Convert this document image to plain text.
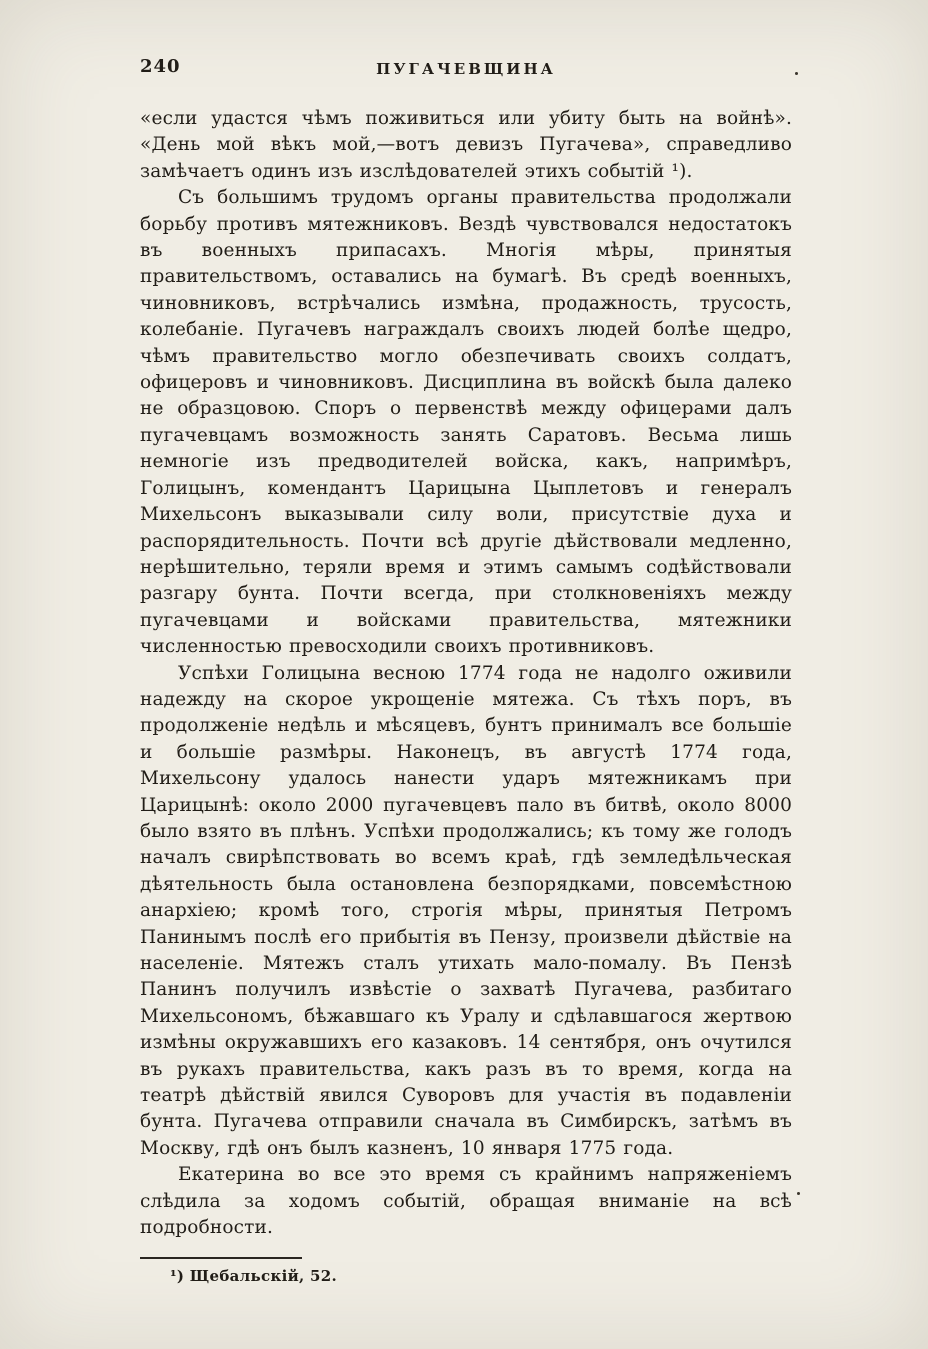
240	ПУГАЧЕВЩИНА

«если удастся чѣмъ поживиться или убиту быть на войнѣ». «День мой вѣкъ мой,—вотъ девизъ Пугачева», справедливо замѣчаетъ одинъ изъ изслѣдователей этихъ событій ¹).

Съ большимъ трудомъ органы правительства продолжали борьбу противъ мятежниковъ. Вездѣ чувствовался недостатокъ въ военныхъ припасахъ. Многія мѣры, принятыя правительствомъ, оставались на бумагѣ. Въ средѣ военныхъ, чиновниковъ, встрѣчались измѣна, продажность, трусость, колебаніе. Пугачевъ награждалъ своихъ людей болѣе щедро, чѣмъ правительство могло обезпечивать своихъ солдатъ, офицеровъ и чиновниковъ. Дисциплина въ войскѣ была далеко не образцовою. Споръ о первенствѣ между офицерами далъ пугачевцамъ возможность занять Саратовъ. Весьма лишь немногіе изъ предводителей войска, какъ, напримѣръ, Голицынъ, комендантъ Царицына Цыплетовъ и генералъ Михельсонъ выказывали силу воли, присутствіе духа и распорядительность. Почти всѣ другіе дѣйствовали медленно, нерѣшительно, теряли время и этимъ самымъ содѣйствовали разгару бунта. Почти всегда, при столкновеніяхъ между пугачевцами и войсками правительства, мятежники численностью превосходили своихъ противниковъ.

Успѣхи Голицына весною 1774 года не надолго оживили надежду на скорое укрощеніе мятежа. Съ тѣхъ поръ, въ продолженіе недѣль и мѣсяцевъ, бунтъ принималъ все большіе и большіе размѣры. Наконецъ, въ августѣ 1774 года, Михельсону удалось нанести ударъ мятежникамъ при Царицынѣ: около 2000 пугачевцевъ пало въ битвѣ, около 8000 было взято въ плѣнъ. Успѣхи продолжались; къ тому же голодъ началъ свирѣпствовать во всемъ краѣ, гдѣ земледѣльческая дѣятельность была остановлена безпорядками, повсемѣстною анархіею; кромѣ того, строгія мѣры, принятыя Петромъ Панинымъ послѣ его прибытія въ Пензу, произвели дѣйствіе на населеніе. Мятежъ сталъ утихать мало-помалу. Въ Пензѣ Панинъ получилъ извѣстіе о захватѣ Пугачева, разбитаго Михельсономъ, бѣжавшаго къ Уралу и сдѣлавшагося жертвою измѣны окружавшихъ его казаковъ. 14 сентября, онъ очутился въ рукахъ правительства, какъ разъ въ то время, когда на театрѣ дѣйствій явился Суворовъ для участія въ подавленіи бунта. Пугачева отправили сначала въ Симбирскъ, затѣмъ въ Москву, гдѣ онъ былъ казненъ, 10 января 1775 года.

Екатерина во все это время съ крайнимъ напряженіемъ слѣдила за ходомъ событій, обращая вниманіе на всѣ подробности.

¹) Щебальскій, 52.
